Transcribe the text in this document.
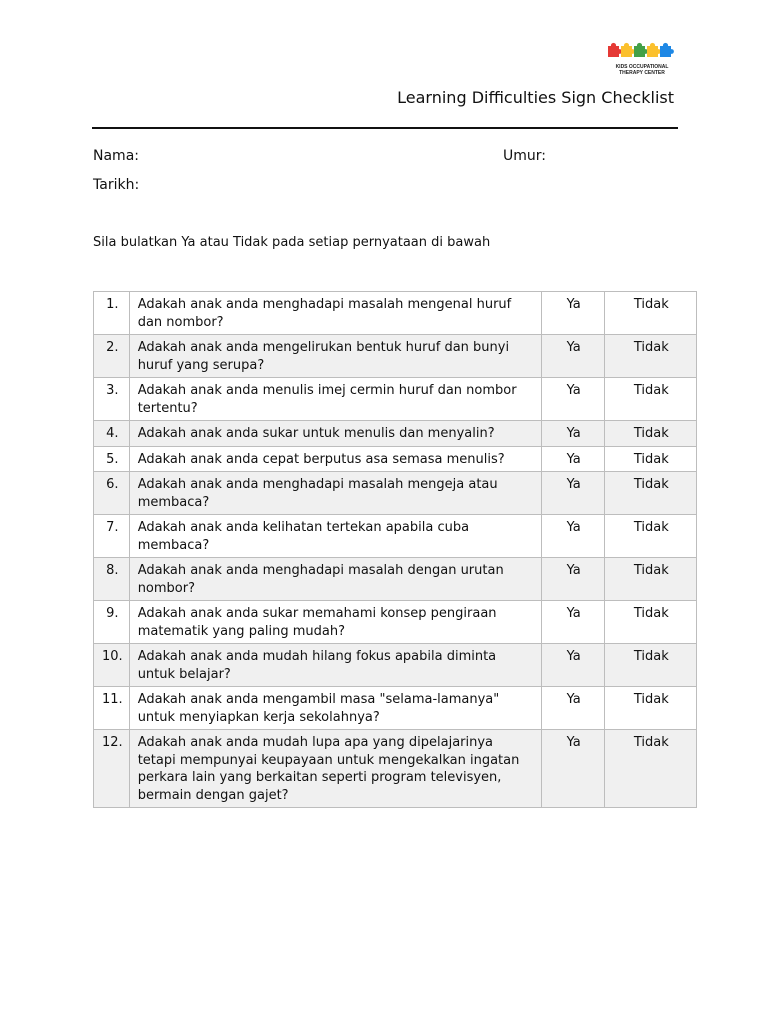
KIDS OCCUPATIONAL THERAPY CENTER
Learning Difficulties Sign Checklist
Nama:	Umur:
Tarikh:
Sila bulatkan Ya atau Tidak pada setiap pernyataan di bawah
1.	Adakah anak anda menghadapi masalah mengenal huruf dan nombor?	Ya	Tidak
2.	Adakah anak anda mengelirukan bentuk huruf dan bunyi huruf yang serupa?	Ya	Tidak
3.	Adakah anak anda menulis imej cermin huruf dan nombor tertentu?	Ya	Tidak
4.	Adakah anak anda sukar untuk menulis dan menyalin?	Ya	Tidak
5.	Adakah anak anda cepat berputus asa semasa menulis?	Ya	Tidak
6.	Adakah anak anda menghadapi masalah mengeja atau membaca?	Ya	Tidak
7.	Adakah anak anda kelihatan tertekan apabila cuba membaca?	Ya	Tidak
8.	Adakah anak anda menghadapi masalah dengan urutan nombor?	Ya	Tidak
9.	Adakah anak anda sukar memahami konsep pengiraan matematik yang paling mudah?	Ya	Tidak
10.	Adakah anak anda mudah hilang fokus apabila diminta untuk belajar?	Ya	Tidak
11.	Adakah anak anda mengambil masa "selama-lamanya" untuk menyiapkan kerja sekolahnya?	Ya	Tidak
12.	Adakah anak anda mudah lupa apa yang dipelajarinya tetapi mempunyai keupayaan untuk mengekalkan ingatan perkara lain yang berkaitan seperti program televisyen, bermain dengan gajet?	Ya	Tidak
